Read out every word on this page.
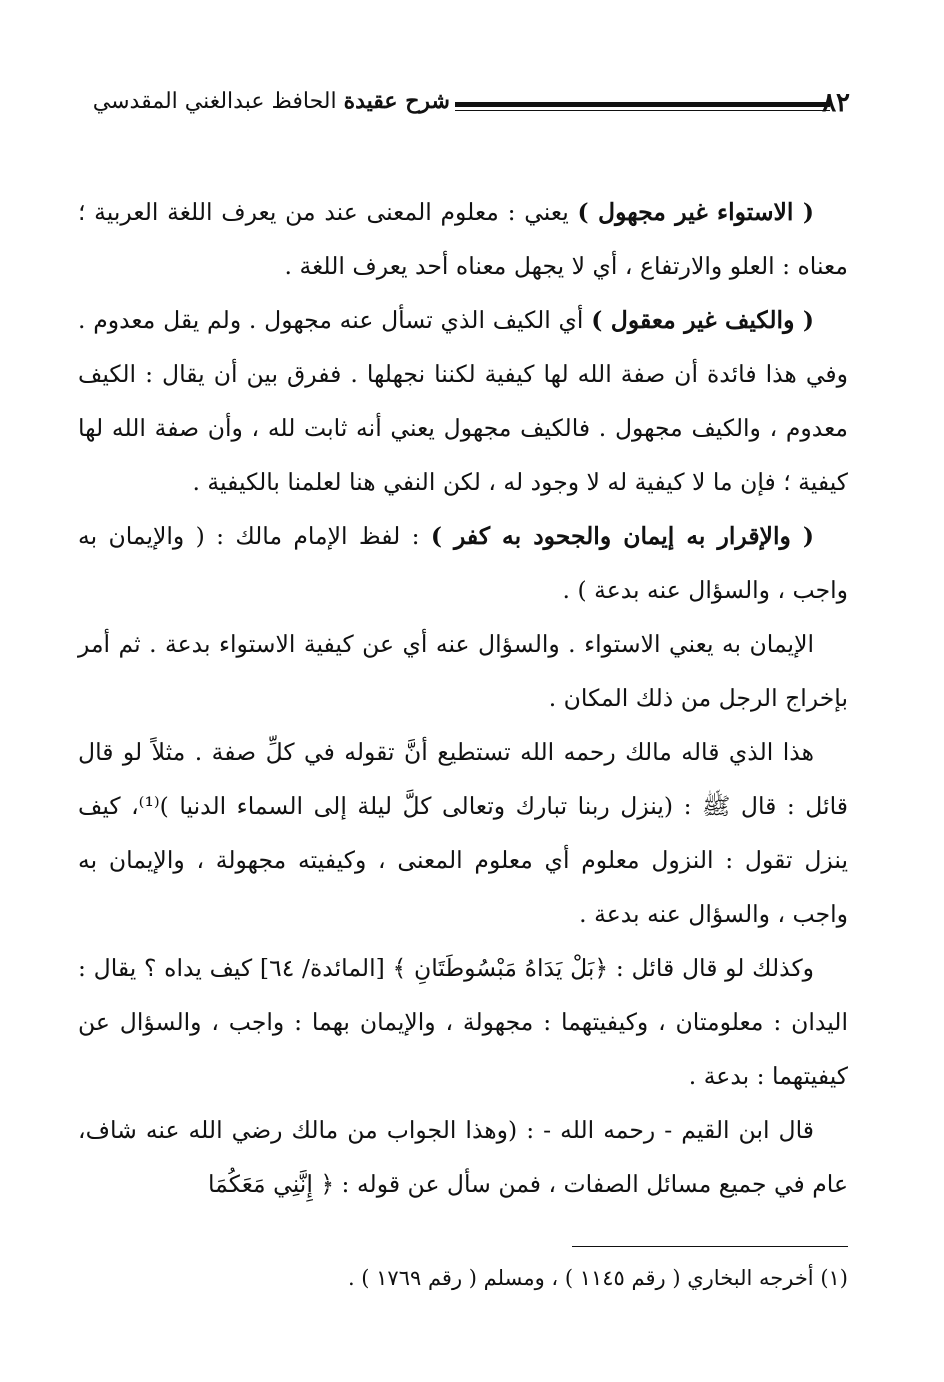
شرح عقيدة الحافظ عبدالغني المقدسي	٨٢

( الاستواء غير مجهول ) يعني : معلوم المعنى عند من يعرف اللغة العربية ؛ معناه : العلو والارتفاع ، أي لا يجهل معناه أحد يعرف اللغة .

( والكيف غير معقول ) أي الكيف الذي تسأل عنه مجهول . ولم يقل معدوم . وفي هذا فائدة أن صفة الله لها كيفية لكننا نجهلها . ففرق بين أن يقال : الكيف معدوم ، والكيف مجهول . فالكيف مجهول يعني أنه ثابت لله ، وأن صفة الله لها كيفية ؛ فإن ما لا كيفية له لا وجود له ، لكن النفي هنا لعلمنا بالكيفية .

( والإقرار به إيمان والجحود به كفر ) : لفظ الإمام مالك : ( والإيمان به واجب ، والسؤال عنه بدعة ) .

الإيمان به يعني الاستواء . والسؤال عنه أي عن كيفية الاستواء بدعة . ثم أمر بإخراج الرجل من ذلك المكان .

هذا الذي قاله مالك رحمه الله تستطيع أنَّ تقوله في كلِّ صفة . مثلاً لو قال قائل : قال ﷺ : (ينزل ربنا تبارك وتعالى كلَّ ليلة إلى السماء الدنيا )⁽¹⁾، كيف ينزل تقول : النزول معلوم أي معلوم المعنى ، وكيفيته مجهولة ، والإيمان به واجب ، والسؤال عنه بدعة .

وكذلك لو قال قائل : ﴿بَلْ يَدَاهُ مَبْسُوطَتَانِ ﴾ [المائدة/ ٦٤] كيف يداه ؟ يقال : اليدان : معلومتان ، وكيفيتهما : مجهولة ، والإيمان بهما : واجب ، والسؤال عن كيفيتهما : بدعة .

قال ابن القيم - رحمه الله - : (وهذا الجواب من مالك رضي الله عنه شاف، عام في جميع مسائل الصفات ، فمن سأل عن قوله : ﴿ إِنَّنِي مَعَكُمَا

(١) أخرجه البخاري ( رقم ١١٤٥ ) ، ومسلم ( رقم ١٧٦٩ ) .
